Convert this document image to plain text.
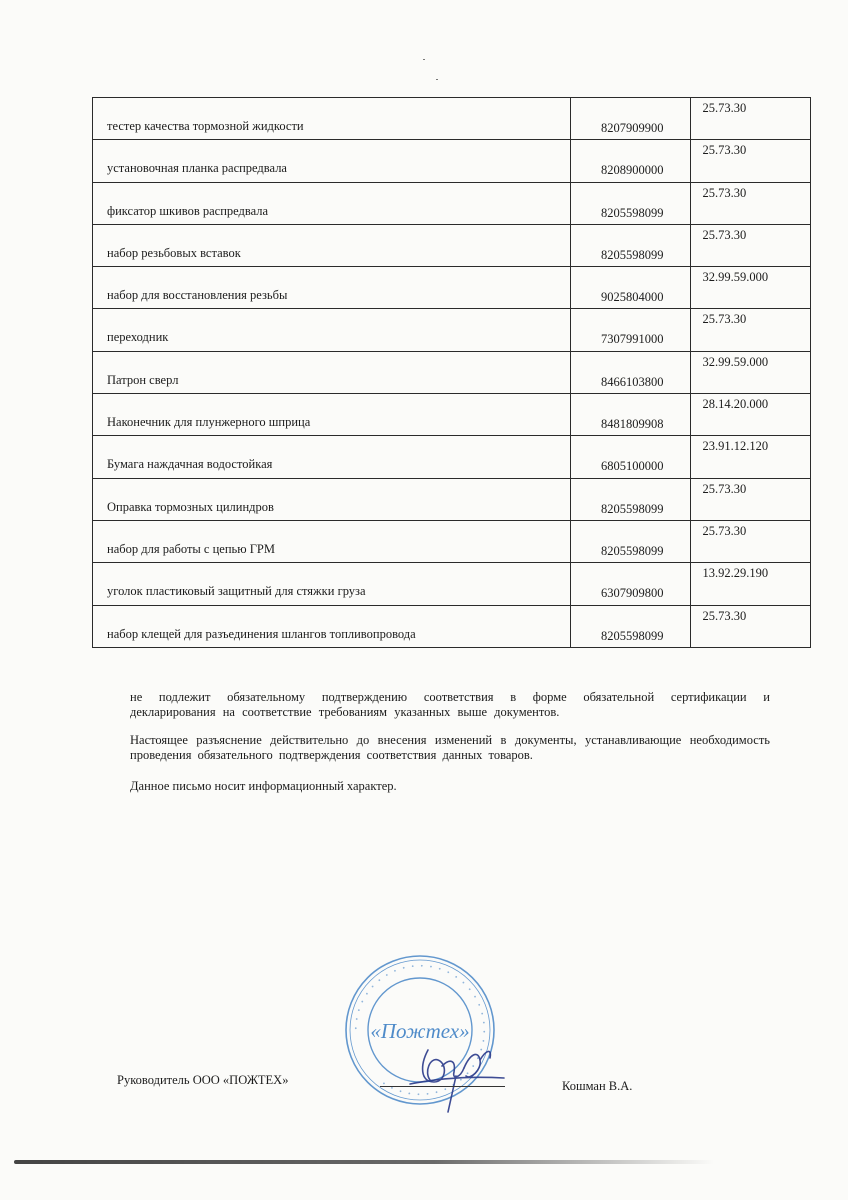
тестер качества тормозной жидкости	8207909900	25.73.30

установочная планка распредвала	8208900000	25.73.30

фиксатор шкивов распредвала	8205598099	25.73.30

набор резьбовых вставок	8205598099	25.73.30

набор для восстановления резьбы	9025804000	32.99.59.000

переходник	7307991000	25.73.30

Патрон сверл	8466103800	32.99.59.000

Наконечник для плунжерного шприца	8481809908	28.14.20.000

Бумага наждачная водостойкая	6805100000	23.91.12.120

Оправка тормозных цилиндров	8205598099	25.73.30

набор для работы с цепью ГРМ	8205598099	25.73.30

уголок пластиковый защитный для стяжки груза	6307909800	13.92.29.190

набор клещей для разъединения шлангов топливопровода	8205598099	25.73.30

не подлежит обязательному подтверждению соответствия в форме обязательной сертификации и декларирования на соответствие требованиям указанных выше документов.

Настоящее разъяснение действительно до внесения изменений в документы, устанавливающие необходимость проведения обязательного подтверждения соответствия данных товаров.

Данное письмо носит информационный характер.

• • • • • • • • • • • • • • • • • • • • • • • • • • • • • • • • • • • • • •
«Пожтех»
Руководитель ООО «ПОЖТЕХ»	Кошман В.А.
